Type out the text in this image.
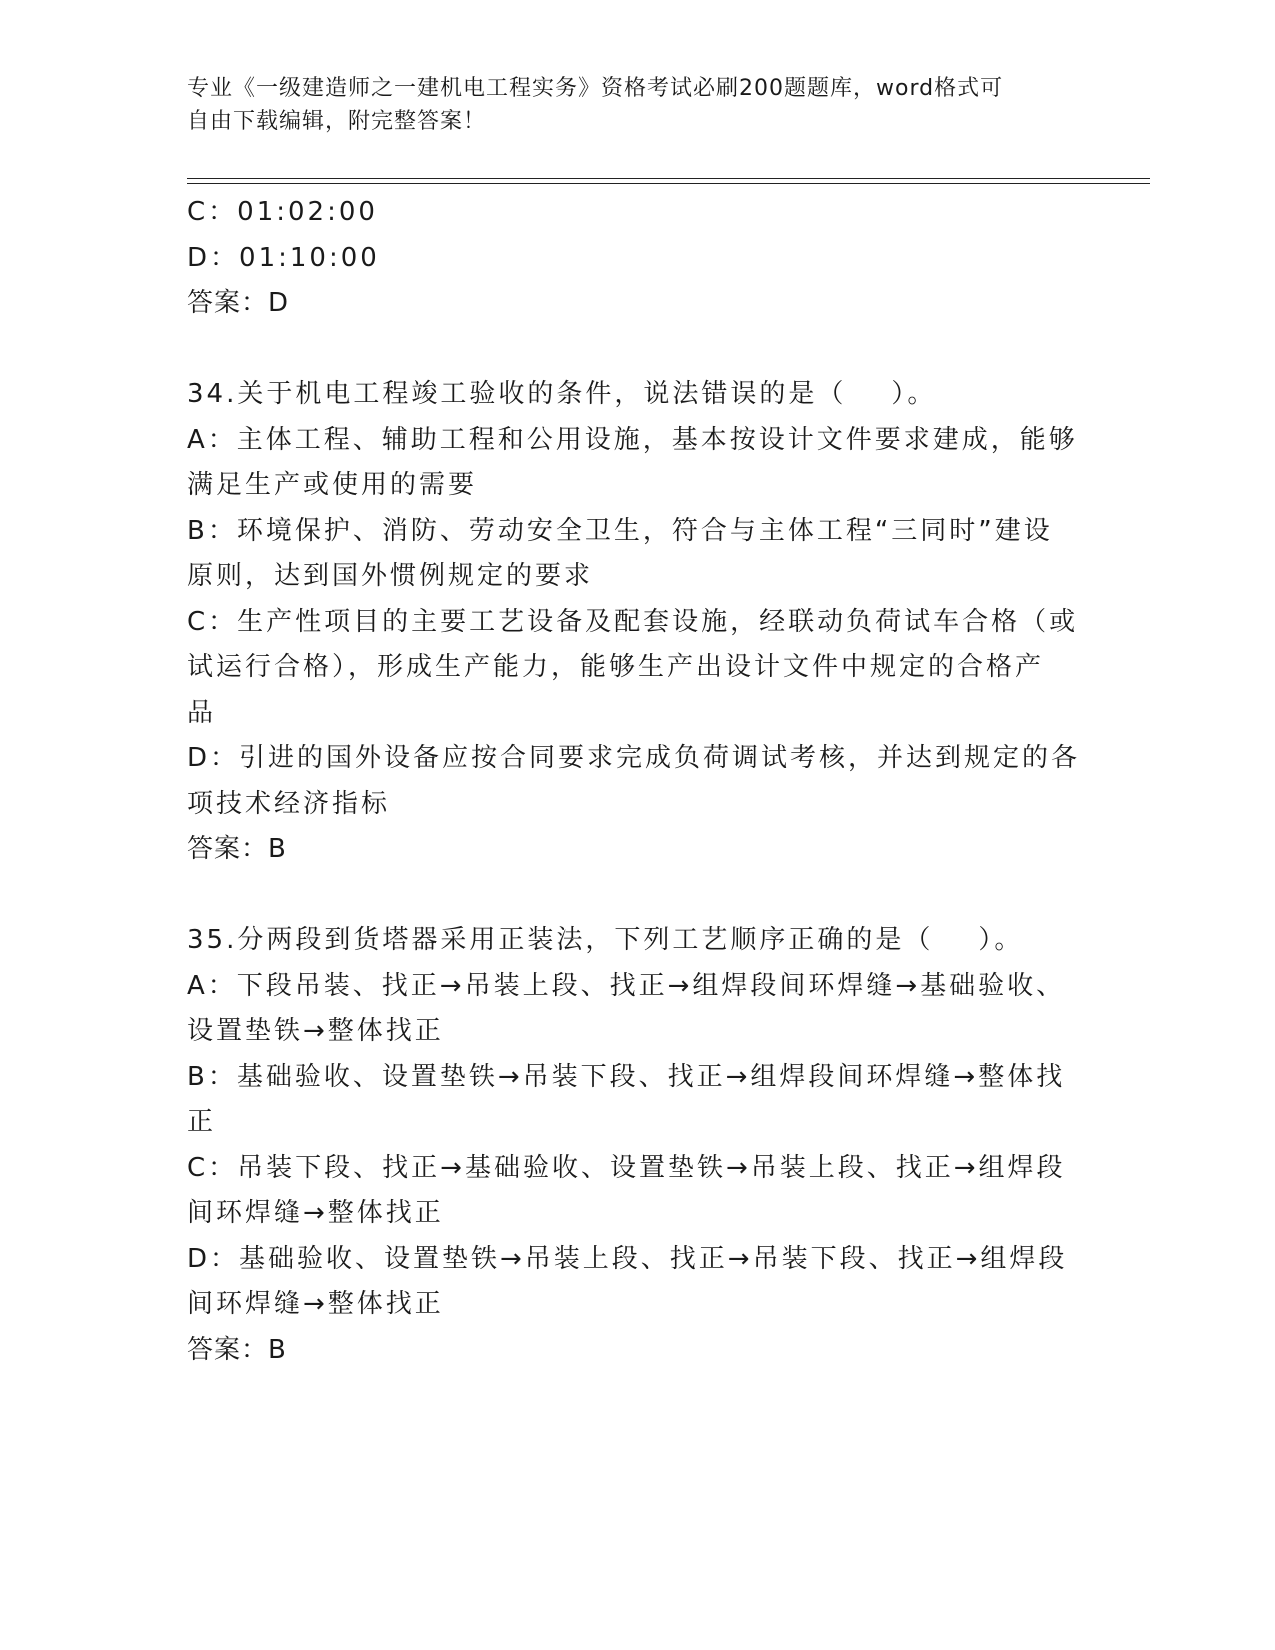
专业《一级建造师之一建机电工程实务》资格考试必刷200题题库，word格式可

自由下载编辑，附完整答案！

C：01:02:00

D：01:10:00

答案：D

34.关于机电工程竣工验收的条件，说法错误的是（    ）。

A：主体工程、辅助工程和公用设施，基本按设计文件要求建成，能够

满足生产或使用的需要

B：环境保护、消防、劳动安全卫生，符合与主体工程“三同时”建设

原则，达到国外惯例规定的要求

C：生产性项目的主要工艺设备及配套设施，经联动负荷试车合格（或

试运行合格），形成生产能力，能够生产出设计文件中规定的合格产

品

D：引进的国外设备应按合同要求完成负荷调试考核，并达到规定的各

项技术经济指标

答案：B

35.分两段到货塔器采用正装法，下列工艺顺序正确的是（    ）。

A：下段吊装、找正→吊装上段、找正→组焊段间环焊缝→基础验收、

设置垫铁→整体找正

B：基础验收、设置垫铁→吊装下段、找正→组焊段间环焊缝→整体找

正

C：吊装下段、找正→基础验收、设置垫铁→吊装上段、找正→组焊段

间环焊缝→整体找正

D：基础验收、设置垫铁→吊装上段、找正→吊装下段、找正→组焊段

间环焊缝→整体找正

答案：B
